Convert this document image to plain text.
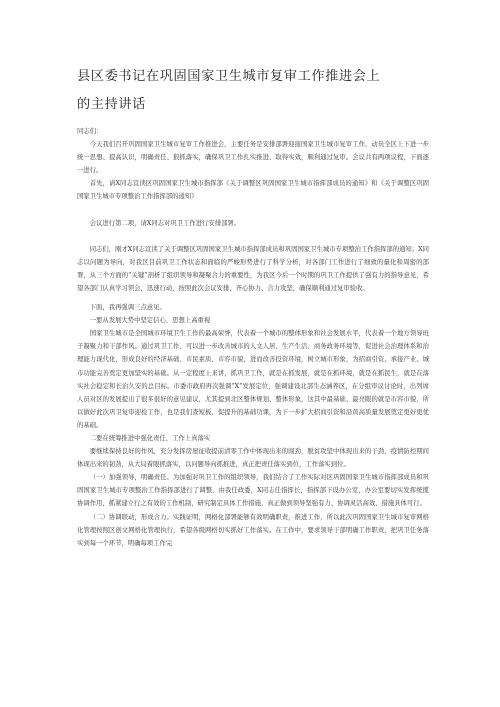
县区委书记在巩固国家卫生城市复审工作推进会上
的主持讲话

同志们：

今天我们召开巩固国家卫生城市复审工作推进会，主要任务是安排部署迎接国家卫生城市复审工作，动员全区上下进一步统一思想、提高认识，明确责任、狠抓落实，确保巩卫工作扎实推进、取得实效，顺利通过复审。会议共有两项议程，下面逐一进行。

首先，请X同志宣读区巩固国家卫生城市指挥部《关于调整区巩固国家卫生城市指挥部成员的通知》和《关于调整区巩固国家卫生城市专项整治工作指挥部的通知》

会议进行第二项，请X同志对巩卫工作进行安排部署。

同志们，刚才X同志宣读了关于调整区巩固国家卫生城市指挥部成员和巩固国家卫生城市专项整治工作指挥部的通知；X同志以问题为导向，对我区目前巩卫工作状态和面临的严峻形势进行了科学分析，对各部门工作进行了细致的量化和周密的部署，从三个方面的“关键”剖析了组织领导和凝聚合力的重要性，为我区今后一个时期的巩卫工作提供了强有力的指导意见，希望各部门认真学习领会，迅速行动，按照此次会议安排，齐心协力、合力攻坚，确保顺利通过复审验收。

下面，我再强调三点意见。

一要从发展大势中坚定信心，思想上高重视

国家卫生城市是全国城市环境卫生工作的最高荣誉，代表着一个城市的整体形象和社会发展水平，代表着一个地方领导班子凝聚力和干部作风。通过巩卫工作，可以进一步改善城市的人文人居、生产生活、商务政务环境等，促进社会治理体系和治理能力现代化，形成良好的经济基础、市民素质、市容市貌，进而改善投资环境，树立城市形象，为招商引资、承接产业、城市功能完善奠定更加坚实的基础。从一定程度上来讲，抓巩卫工作，就是在抓发展，就是在抓环境，就是在抓民生，就是在落实社会稳定和长治久安的总目标。市委市政府再次强调“X”发展定位，强调建设北部生态涵养区，在分组审议讨论时，出列席人员对区的发展提出了很多很好的意见建议，尤其提到北区整体规划、整体形象，这其中最基础、最亮眼的就是市容市貌，所以做好此次巩卫复审迎检工作，也是我们查短板、促提升的基础功课，为下一步扩大招商引资和沿黄高质量发展奠定更好更优的基础。

二要在统筹推进中强化责任，工作上真落实

要继续保持良好的作风，充分发挥房屋征收提前清零工作中体现出来的闯劲，脱贫攻坚中体现出来的干劲，疫情防控期间体现出来的韧劲，从大局着眼抓落实，以问题导向抓推进，真正把责任落实到位，工作落实到位。

（一）加强领导，明确责任。为加强对巩卫工作的组织领导，我们结合了工作实际对区巩固国家卫生城市指挥部成员和巩固国家卫生城市专项整治工作指挥部进行了调整，由我任政委，X同志任指挥长，指挥部下设办公室，办公室要切实发挥统揽协调作用，抓紧建立行之有效的工作机制，研究制定具体工作措施，真正做到领导坚强有力、协调灵活高效、措施具体可行。

（二）协调联动，形成合力。实践证明，网格化部署能够有效明确职责，推进工作，所以此次巩固国家卫生城市复审网格化管理按照区创文网格化管理执行，希望各级网格切实抓好工作落实。在工作中，要求领导干部明确工作职责，把巩卫任务落实到每一个环节，明确每项工作完
